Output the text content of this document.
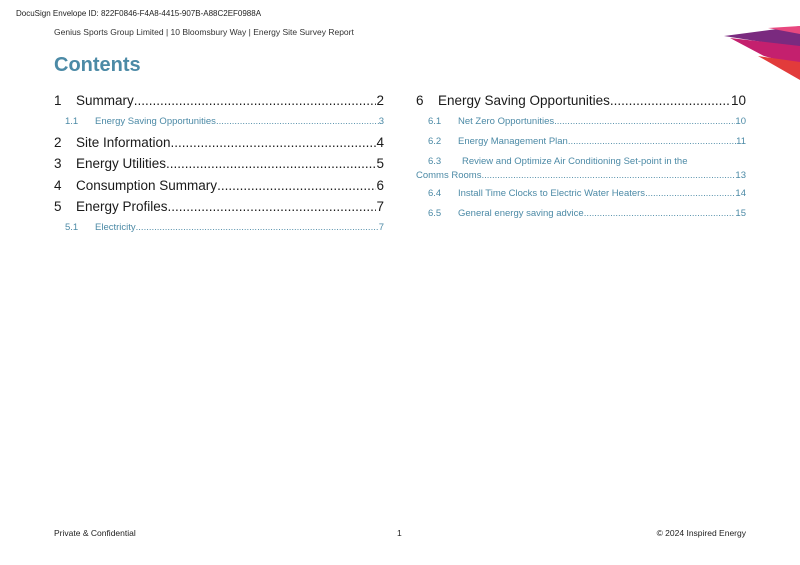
DocuSign Envelope ID: 822F0846-F4A8-4415-907B-A88C2EF0988A
Genius Sports Group Limited | 10 Bloomsbury Way | Energy Site Survey Report
Contents
1	Summary .....	2
1.1	Energy Saving Opportunities .....	3
2	Site Information .....	4
3	Energy Utilities .....	5
4	Consumption Summary .....	6
5	Energy Profiles .....	7
5.1	Electricity .....	7
6	Energy Saving Opportunities .....	10
6.1	Net Zero Opportunities .....	10
6.2	Energy Management Plan .....	11
6.3 Review and Optimize Air Conditioning Set-point in the
Comms Rooms .....	13
6.4	Install Time Clocks to Electric Water Heaters .....	14
6.5	General energy saving advice .....	15
Private & Confidential	1	© 2024 Inspired Energy
